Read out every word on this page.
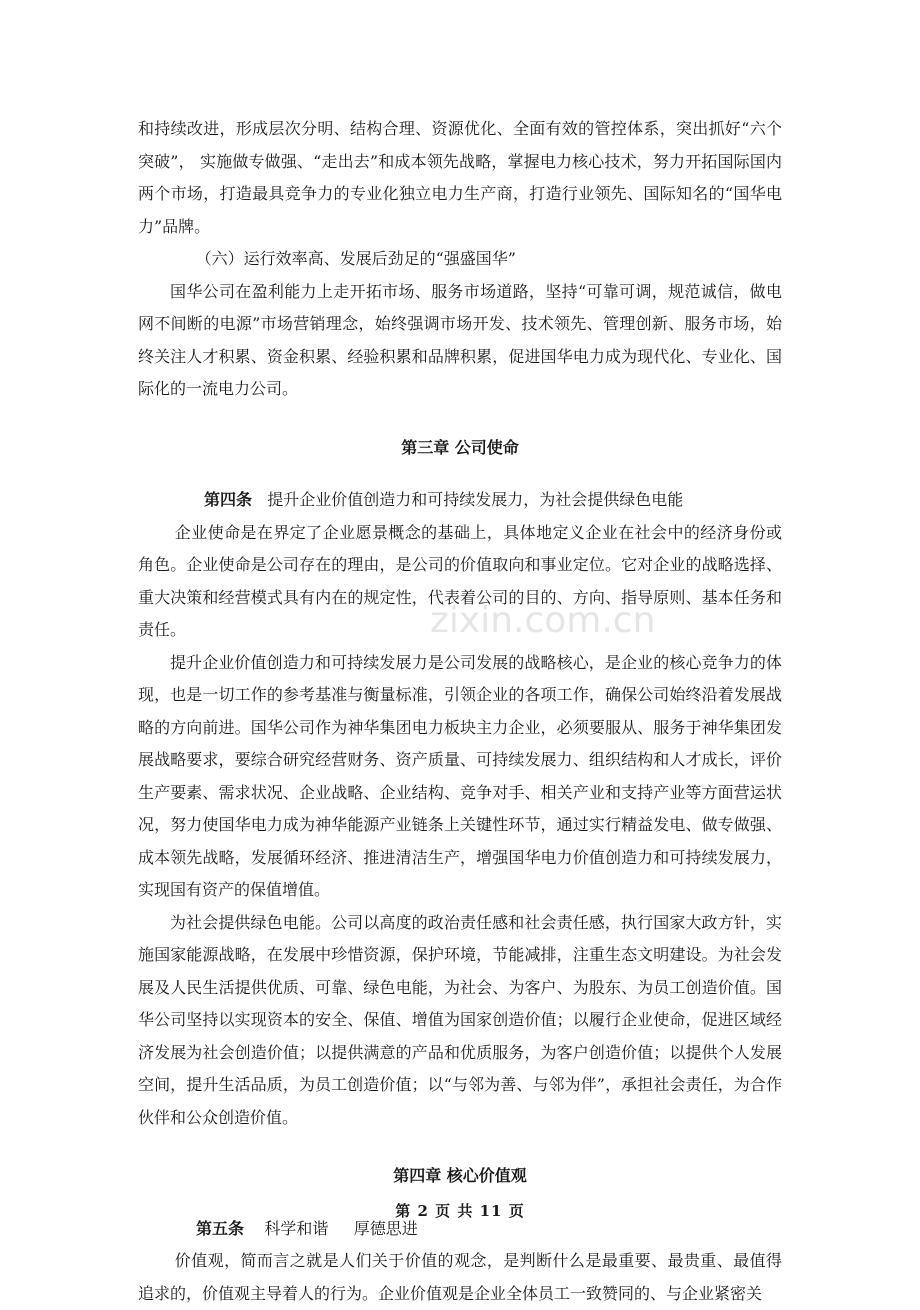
和持续改进，形成层次分明、结构合理、资源优化、全面有效的管控体系，突出抓好“六个突破”， 实施做专做强、“走出去”和成本领先战略，掌握电力核心技术，努力开拓国际国内两个市场，打造最具竞争力的专业化独立电力生产商，打造行业领先、国际知名的“国华电力”品牌。

（六）运行效率高、发展后劲足的“强盛国华”

国华公司在盈利能力上走开拓市场、服务市场道路，坚持“可靠可调，规范诚信，做电网不间断的电源”市场营销理念，始终强调市场开发、技术领先、管理创新、服务市场，始终关注人才积累、资金积累、经验积累和品牌积累，促进国华电力成为现代化、专业化、国际化的一流电力公司。

第三章 公司使命

第四条 提升企业价值创造力和可持续发展力，为社会提供绿色电能

企业使命是在界定了企业愿景概念的基础上，具体地定义企业在社会中的经济身份或角色。企业使命是公司存在的理由，是公司的价值取向和事业定位。它对企业的战略选择、重大决策和经营模式具有内在的规定性，代表着公司的目的、方向、指导原则、基本任务和责任。

提升企业价值创造力和可持续发展力是公司发展的战略核心，是企业的核心竞争力的体现，也是一切工作的参考基准与衡量标准，引领企业的各项工作，确保公司始终沿着发展战略的方向前进。国华公司作为神华集团电力板块主力企业，必须要服从、服务于神华集团发展战略要求，要综合研究经营财务、资产质量、可持续发展力、组织结构和人才成长，评价生产要素、需求状况、企业战略、企业结构、竞争对手、相关产业和支持产业等方面营运状况，努力使国华电力成为神华能源产业链条上关键性环节，通过实行精益发电、做专做强、成本领先战略，发展循环经济、推进清洁生产，增强国华电力价值创造力和可持续发展力，实现国有资产的保值增值。

为社会提供绿色电能。公司以高度的政治责任感和社会责任感，执行国家大政方针，实施国家能源战略，在发展中珍惜资源，保护环境，节能减排，注重生态文明建设。为社会发展及人民生活提供优质、可靠、绿色电能，为社会、为客户、为股东、为员工创造价值。国华公司坚持以实现资本的安全、保值、增值为国家创造价值；以履行企业使命，促进区域经济发展为社会创造价值；以提供满意的产品和优质服务，为客户创造价值；以提供个人发展空间，提升生活品质，为员工创造价值；以“与邻为善、与邻为伴”，承担社会责任，为合作伙伴和公众创造价值。

第四章 核心价值观

第五条 科学和谐     厚德思进

价值观，简而言之就是人们关于价值的观念，是判断什么是最重要、最贵重、最值得追求的，价值观主导着人的行为。企业价值观是企业全体员工一致赞同的、与企业紧密关

zixin.com.cn
第 2 页 共 11 页
